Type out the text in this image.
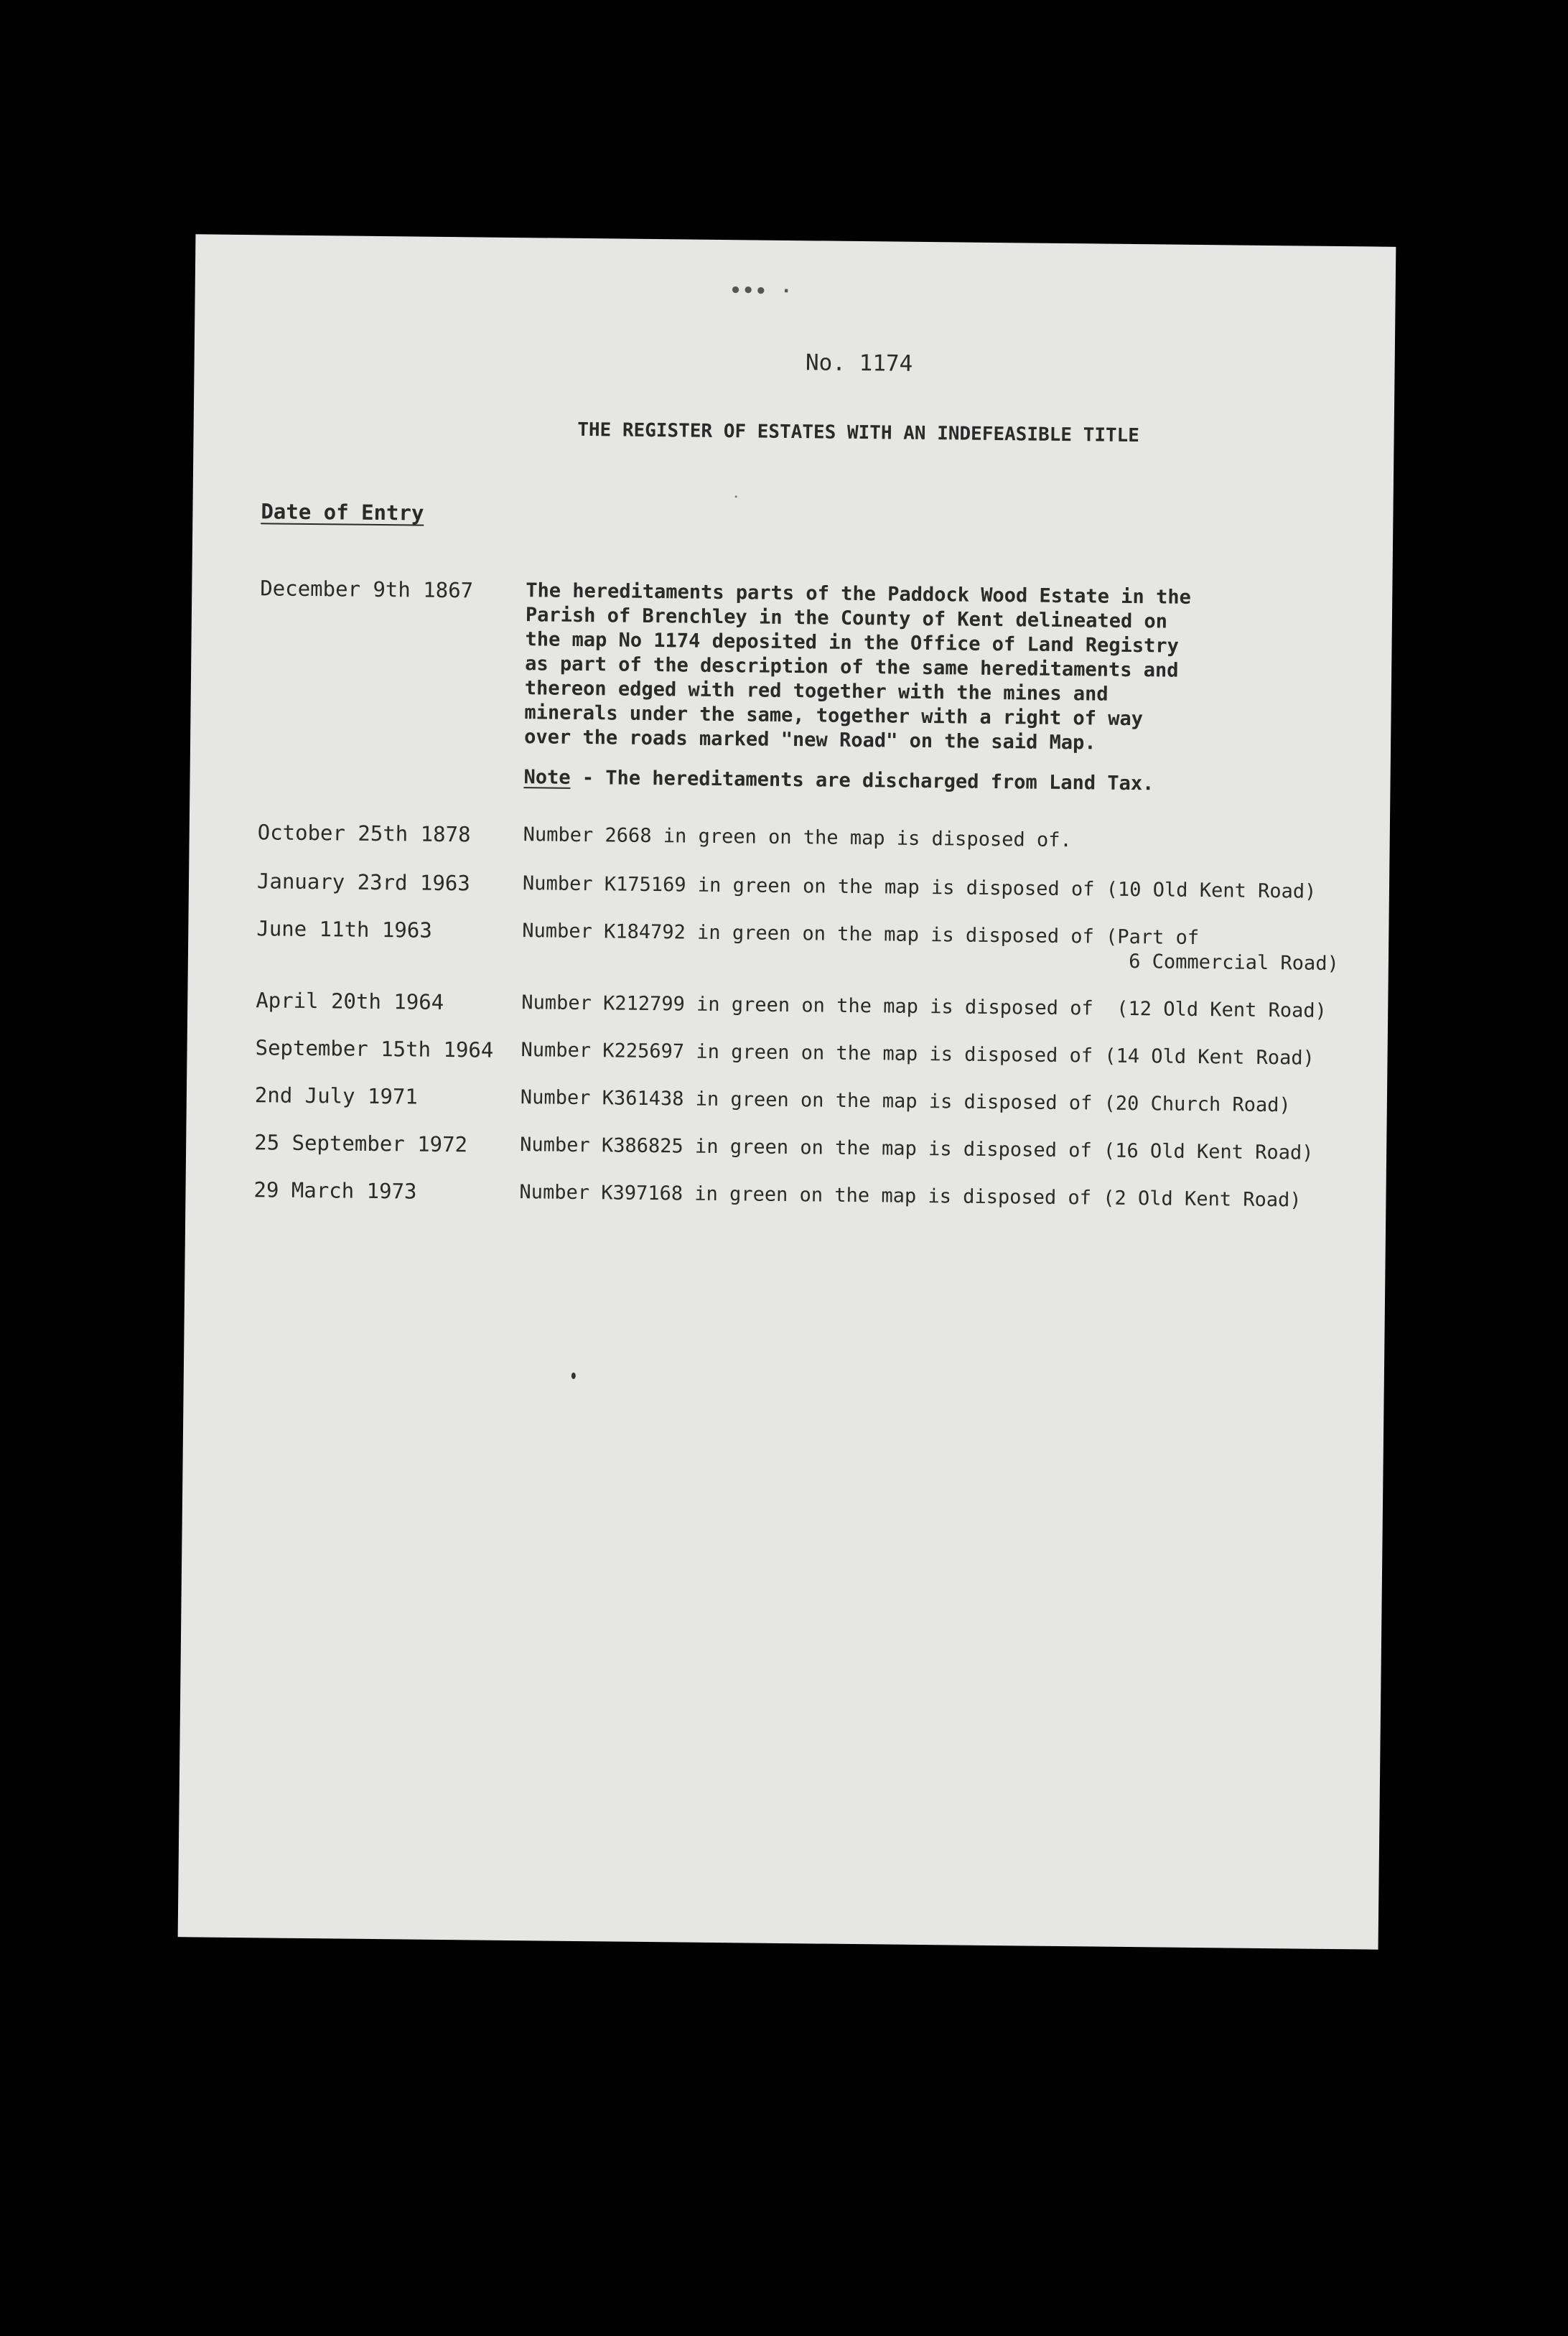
••∙ ·
No. 1174
THE REGISTER OF ESTATES WITH AN INDEFEASIBLE TITLE
Date of Entry
December 9th 1867	The hereditaments parts of the Paddock Wood Estate in the
Parish of Brenchley in the County of Kent delineated on
the map No 1174 deposited in the Office of Land Registry
as part of the description of the same hereditaments and
thereon edged with red together with the mines and
minerals under the same, together with a right of way
over the roads marked "new Road" on the said Map.
Note - The hereditaments are discharged from Land Tax.
October 25th 1878	Number 2668 in green on the map is disposed of.
January 23rd 1963	Number K175169 in green on the map is disposed of (10 Old Kent Road)
June 11th 1963	Number K184792 in green on the map is disposed of (Part of
6 Commercial Road)
April 20th 1964	Number K212799 in green on the map is disposed of  (12 Old Kent Road)
September 15th 1964	Number K225697 in green on the map is disposed of (14 Old Kent Road)
2nd July 1971	Number K361438 in green on the map is disposed of (20 Church Road)
25 September 1972	Number K386825 in green on the map is disposed of (16 Old Kent Road)
29 March 1973	Number K397168 in green on the map is disposed of (2 Old Kent Road)
